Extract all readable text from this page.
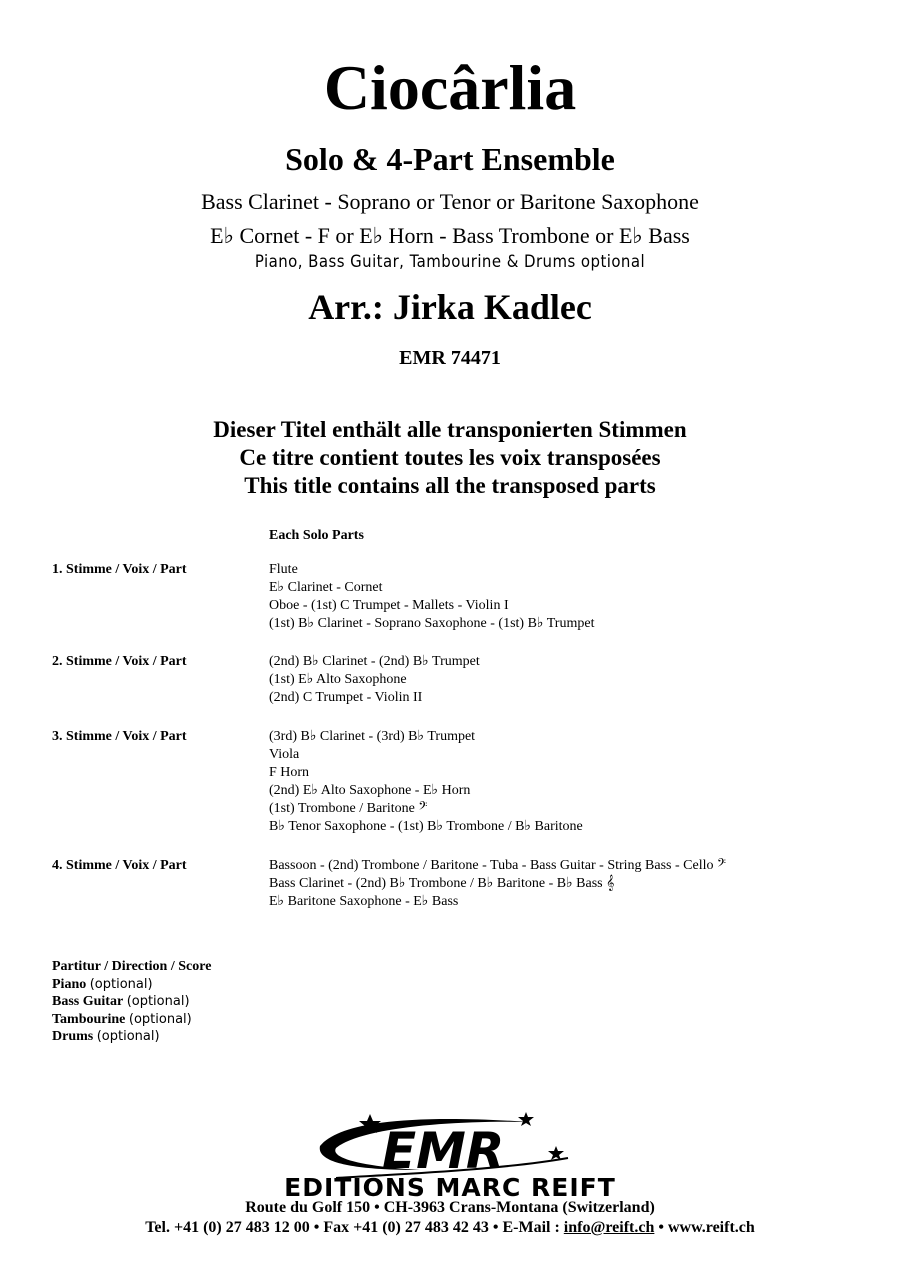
Ciocârlia
Solo & 4-Part Ensemble
Bass Clarinet - Soprano or Tenor or Baritone Saxophone
E♭ Cornet - F or E♭ Horn - Bass Trombone or E♭ Bass
Piano, Bass Guitar, Tambourine & Drums optional
Arr.: Jirka Kadlec
EMR 74471
Dieser Titel enthält alle transponierten Stimmen
Ce titre contient toutes les voix transposées
This title contains all the transposed parts
Each Solo Parts
1. Stimme / Voix / Part	Flute
E♭ Clarinet - Cornet
Oboe - (1st) C Trumpet - Mallets - Violin I
(1st) B♭ Clarinet - Soprano Saxophone - (1st) B♭ Trumpet
2. Stimme / Voix / Part	(2nd) B♭ Clarinet - (2nd) B♭ Trumpet
(1st) E♭ Alto Saxophone
(2nd) C Trumpet - Violin II
3. Stimme / Voix / Part	(3rd) B♭ Clarinet - (3rd) B♭ Trumpet
Viola
F Horn
(2nd) E♭ Alto Saxophone - E♭ Horn
(1st) Trombone / Baritone 𝄢
B♭ Tenor Saxophone - (1st) B♭ Trombone / B♭ Baritone
4. Stimme / Voix / Part	Bassoon - (2nd) Trombone / Baritone - Tuba - Bass Guitar - String Bass - Cello 𝄢
Bass Clarinet - (2nd) B♭ Trombone / B♭ Baritone - B♭ Bass 𝄞
E♭ Baritone Saxophone - E♭ Bass
Partitur / Direction / Score
Piano (optional)
Bass Guitar (optional)
Tambourine (optional)
Drums (optional)
EMR
EDITIONS MARC REIFT
Route du Golf 150 • CH-3963 Crans-Montana (Switzerland)
Tel. +41 (0) 27 483 12 00 • Fax +41 (0) 27 483 42 43 • E-Mail : info@reift.ch • www.reift.ch
